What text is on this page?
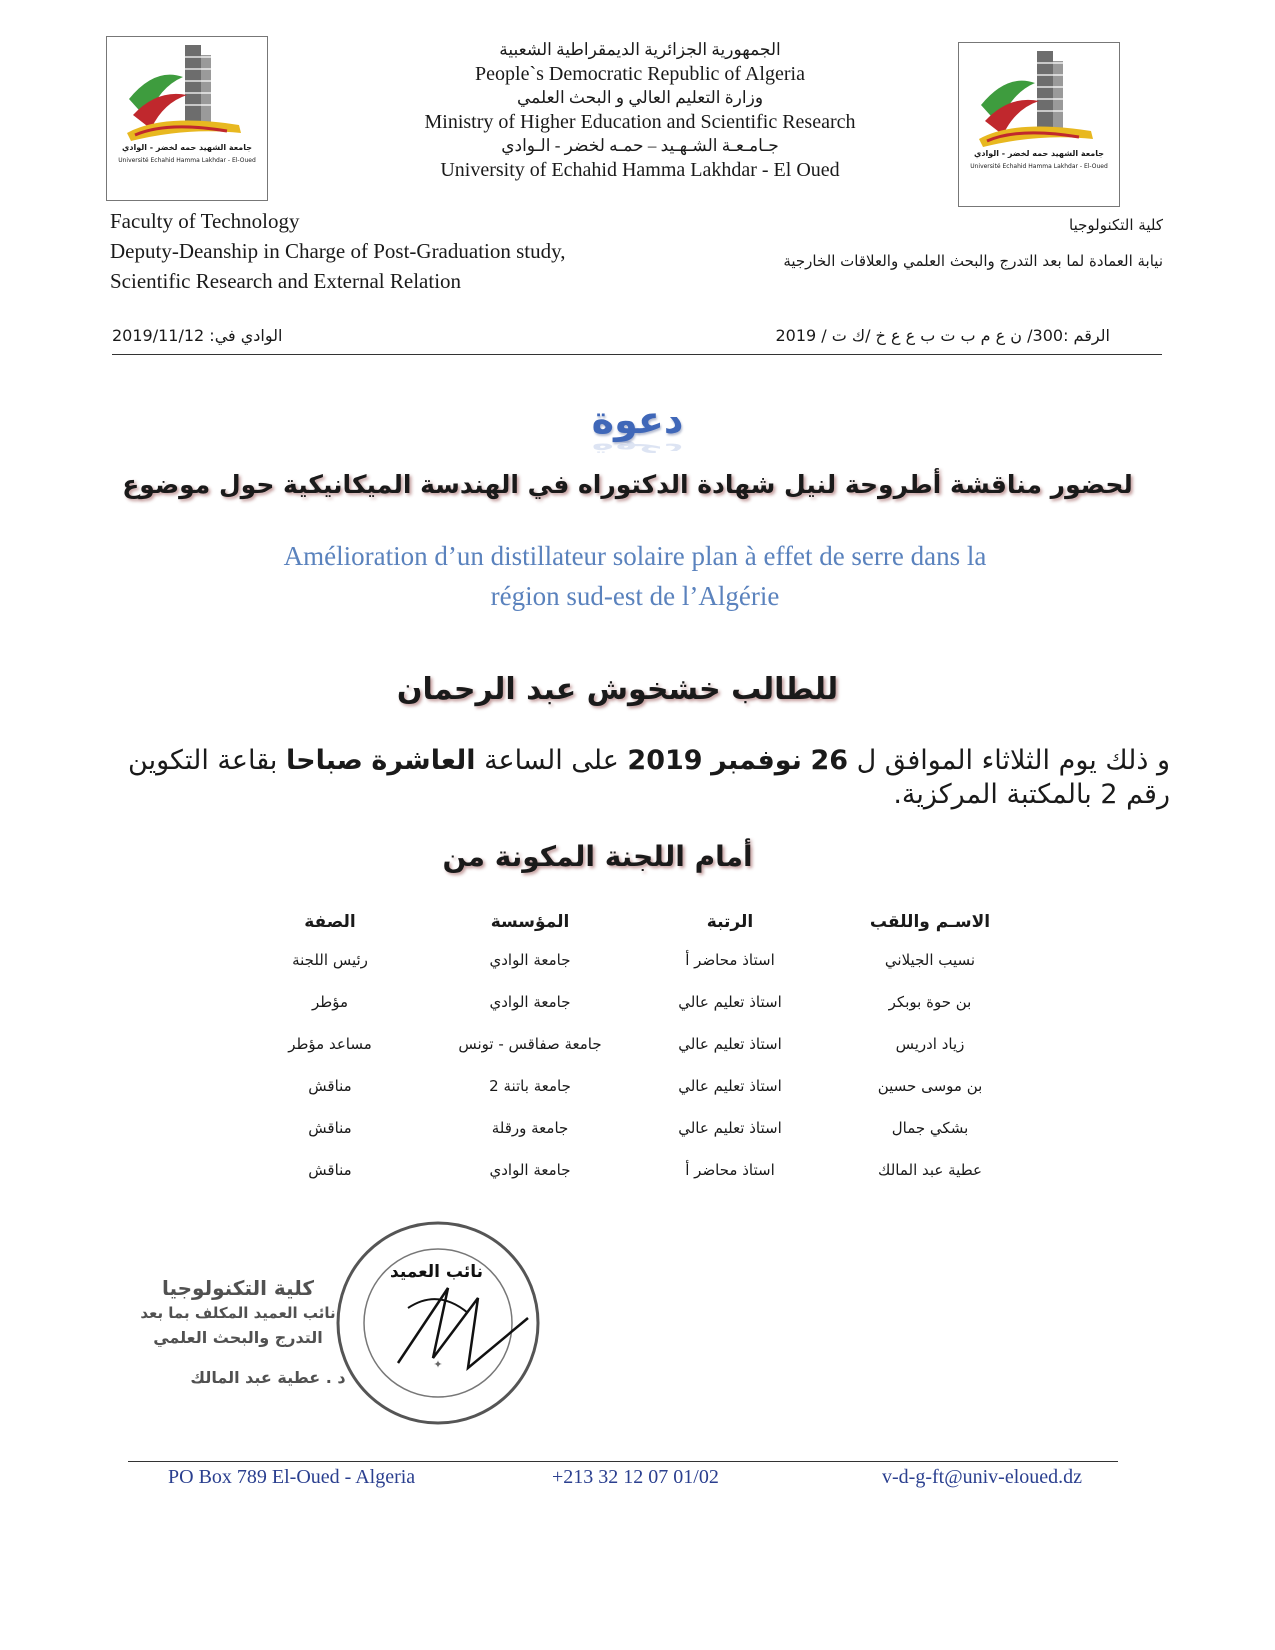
جامعة الشهيد حمه لخضر - الوادي
Université Echahid Hamma Lakhdar - El-Oued
جامعة الشهيد حمه لخضر - الوادي
Université Echahid Hamma Lakhdar - El-Oued
الجمهورية الجزائرية الديمقراطية الشعبية
People`s Democratic Republic of Algeria
وزارة التعليم العالي و البحث العلمي
Ministry of Higher Education and Scientific Research
جـامـعـة الشـهـيد – حمـه لخضر - الـوادي
University of Echahid Hamma Lakhdar - El Oued
Faculty of Technology
Deputy-Deanship in Charge of Post-Graduation study,
Scientific Research and External Relation
كلية التكنولوجيا
نيابة العمادة لما بعد التدرج والبحث العلمي والعلاقات الخارجية
الرقم :300/ ن ع م ب ت ب ع ع خ /ك ت / 2019
الوادي في: 2019/11/12
دعوة
دعوة
لحضور مناقشة أطروحة لنيل شهادة الدكتوراه في الهندسة الميكانيكية حول موضوع
Amélioration d’un distillateur solaire plan à effet de serre dans la
région sud-est de l’Algérie
للطالب خشخوش عبد الرحمان
و ذلك يوم الثلاثاء الموافق ل 26 نوفمبر 2019 على الساعة العاشرة صباحا بقاعة التكوين رقم 2 بالمكتبة المركزية.
أمام اللجنة المكونة من
الاسـم واللقب	الرتبة	المؤسسة	الصفة
نسيب الجيلاني	استاذ محاضر أ	جامعة الوادي	رئيس اللجنة
بن حوة بوبكر	استاذ تعليم عالي	جامعة الوادي	مؤطر
زياد ادريس	استاذ تعليم عالي	جامعة صفاقس - تونس	مساعد مؤطر
بن موسى حسين	استاذ تعليم عالي	جامعة باتنة 2	مناقش
بشكي جمال	استاذ تعليم عالي	جامعة ورقلة	مناقش
عطية عبد المالك	استاذ محاضر أ	جامعة الوادي	مناقش
✦
كلية التكنولوجيا
نائب العميد المكلف بما بعد
التدرج والبحث العلمي
د . عطية عبد المالك
نائب العميد
PO Box 789 El-Oued - Algeria	+213 32 12 07 01/02	v-d-g-ft@univ-eloued.dz
